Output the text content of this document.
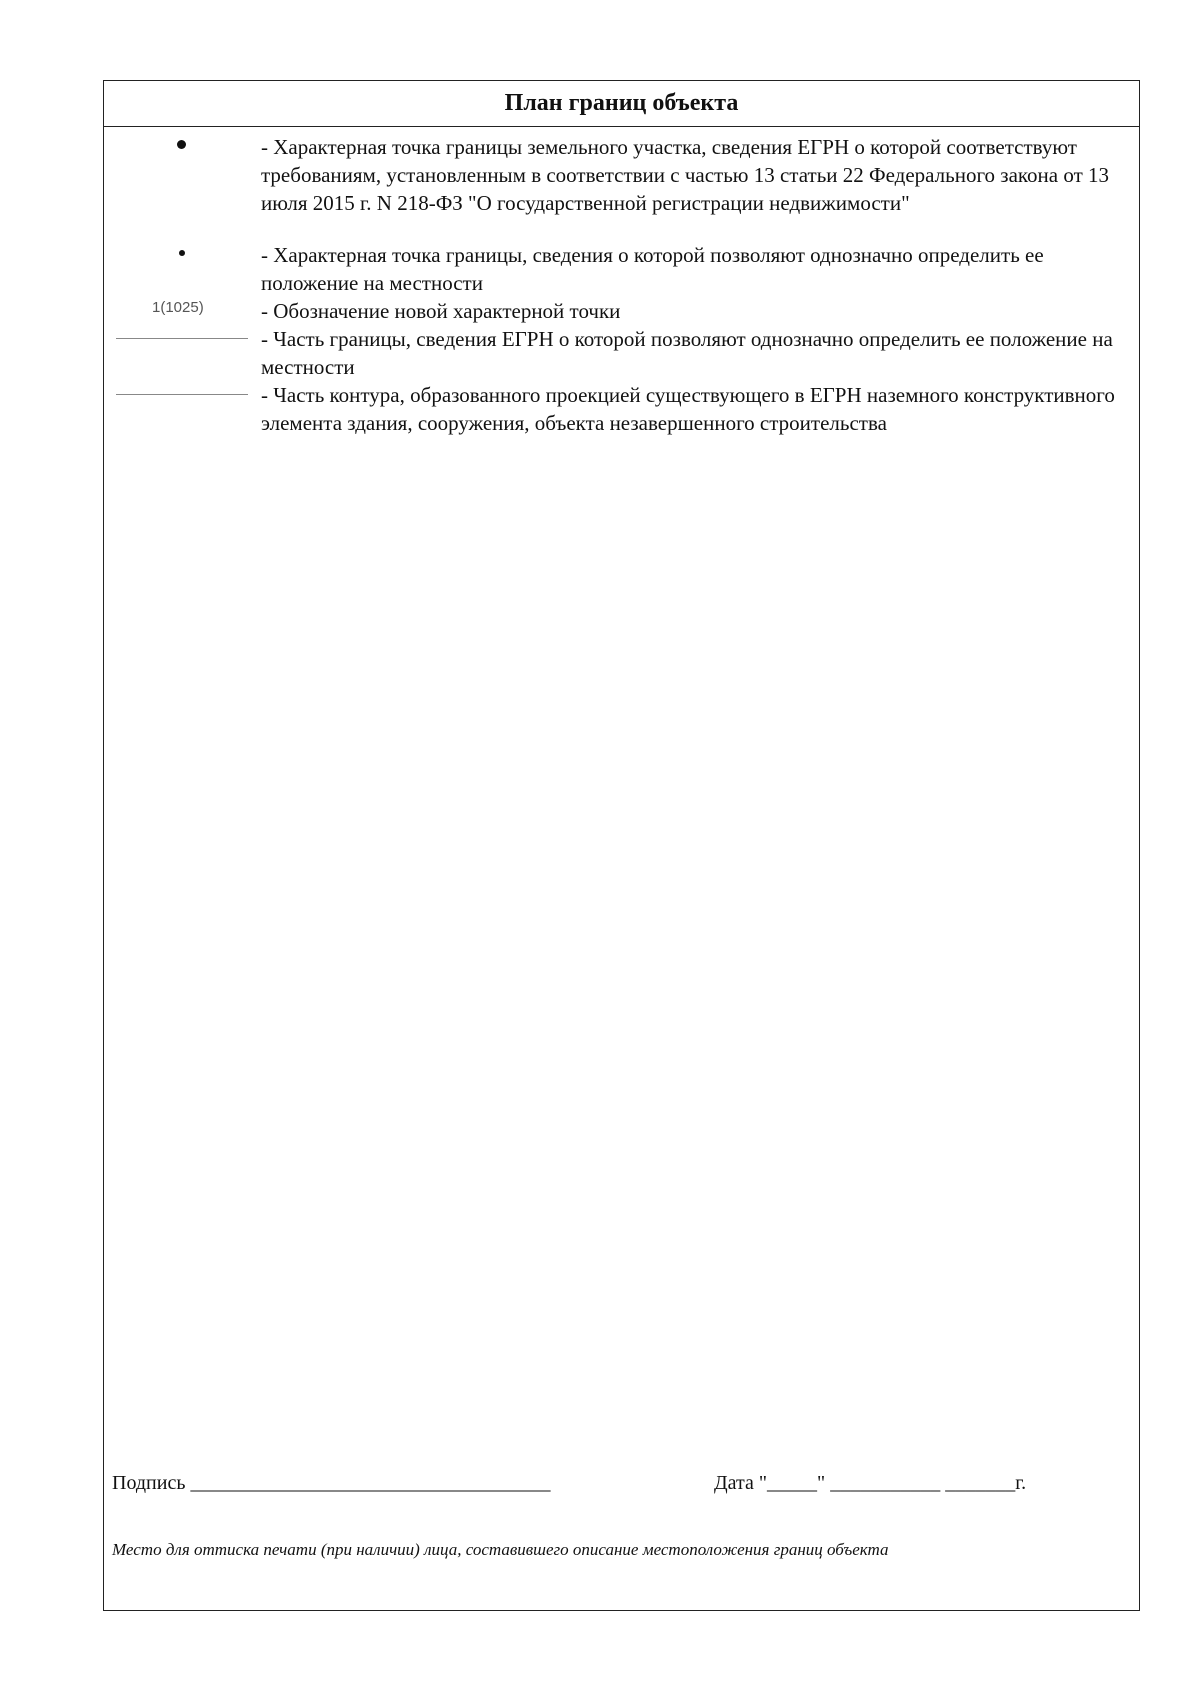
План границ объекта
- Характерная точка границы земельного участка, сведения ЕГРН о которой соответствуют требованиям, установленным в соответствии с частью 13 статьи 22 Федерального закона от 13 июля 2015 г. N 218-ФЗ "О государственной регистрации недвижимости"
- Характерная точка границы, сведения о которой позволяют однозначно определить ее положение на местности
1(1025)	- Обозначение новой характерной точки
- Часть границы, сведения ЕГРН о которой позволяют однозначно определить ее положение на местности
- Часть контура, образованного проекцией существующего в ЕГРН наземного конструктивного элемента здания, сооружения, объекта незавершенного строительства
Подпись ____________________________________	Дата "_____" ___________ _______г.
Место для оттиска печати (при наличии) лица, составившего описание местоположения границ объекта
